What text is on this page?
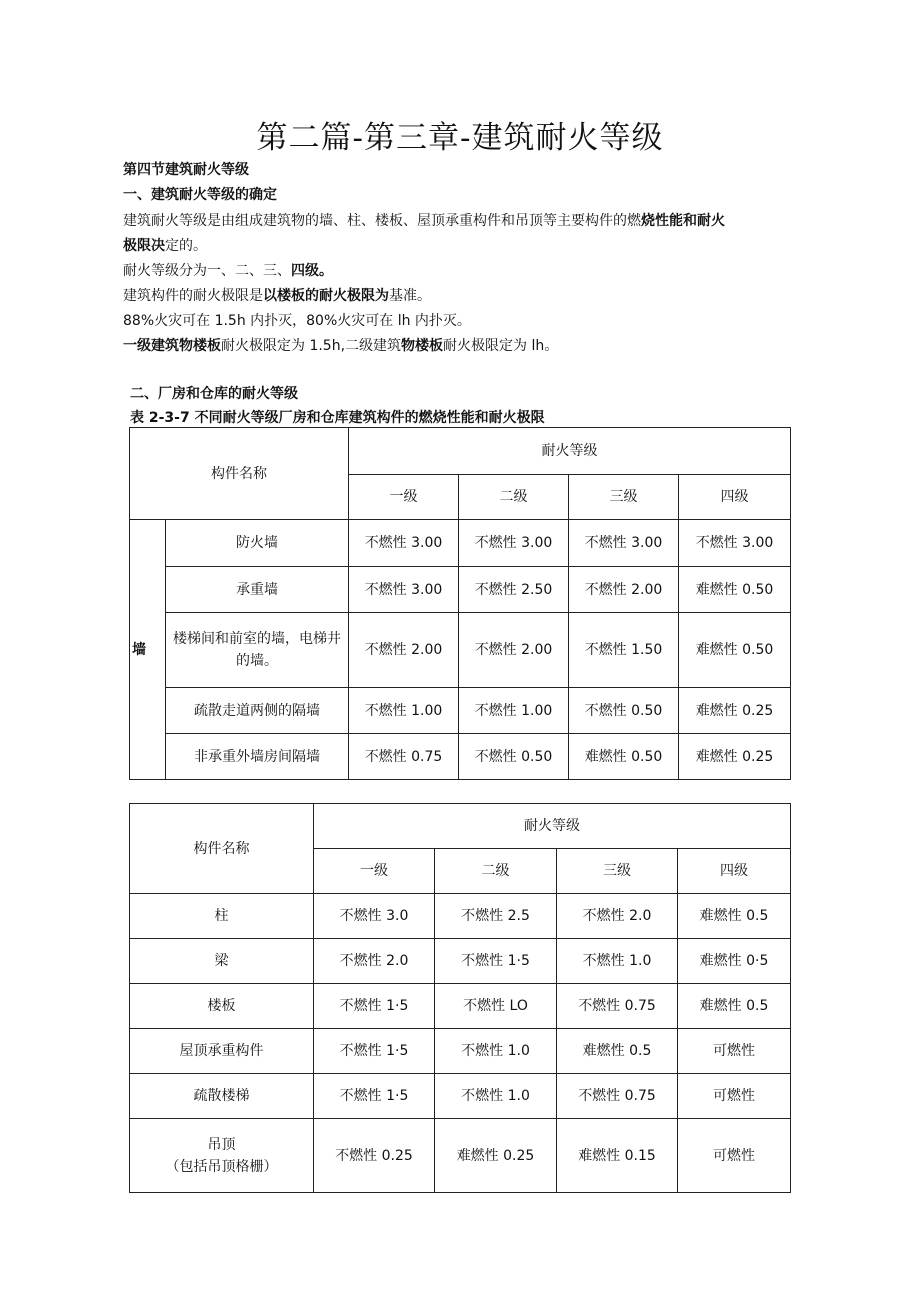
第二篇-第三章-建筑耐火等级
第四节建筑耐火等级
一、建筑耐火等级的确定
建筑耐火等级是由组成建筑物的墙、柱、楼板、屋顶承重构件和吊顶等主要构件的燃烧性能和耐火
极限决定的。
耐火等级分为一、二、三、四级。
建筑构件的耐火极限是以楼板的耐火极限为基准。
88%火灾可在 1.5h 内扑灭，80%火灾可在 lh 内扑灭。
一级建筑物楼板耐火极限定为 1.5h,二级建筑物楼板耐火极限定为 lh。
二、厂房和仓库的耐火等级
表 2-3-7 不同耐火等级厂房和仓库建筑构件的燃烧性能和耐火极限
构件名称		耐火等级			
		一级	二级	三级	四级
墙	防火墙	不燃性 3.00	不燃性 3.00	不燃性 3.00	不燃性 3.00
	承重墙	不燃性 3.00	不燃性 2.50	不燃性 2.00	难燃性 0.50
	楼梯间和前室的墙，电梯井的墙。	不燃性 2.00	不燃性 2.00	不燃性 1.50	难燃性 0.50
	疏散走道两侧的隔墙	不燃性 1.00	不燃性 1.00	不燃性 0.50	难燃性 0.25
	非承重外墙房间隔墙	不燃性 0.75	不燃性 0.50	难燃性 0.50	难燃性 0.25
构件名称	耐火等级			
	一级	二级	三级	四级
柱	不燃性 3.0	不燃性 2.5	不燃性 2.0	难燃性 0.5
梁	不燃性 2.0	不燃性 1·5	不燃性 1.0	难燃性 0·5
楼板	不燃性 1·5	不燃性 LO	不燃性 0.75	难燃性 0.5
屋顶承重构件	不燃性 1·5	不燃性 1.0	难燃性 0.5	可燃性
疏散楼梯	不燃性 1·5	不燃性 1.0	不燃性 0.75	可燃性

吊顶
（包括吊顶格栅）	不燃性 0.25	难燃性 0.25	难燃性 0.15	可燃性
